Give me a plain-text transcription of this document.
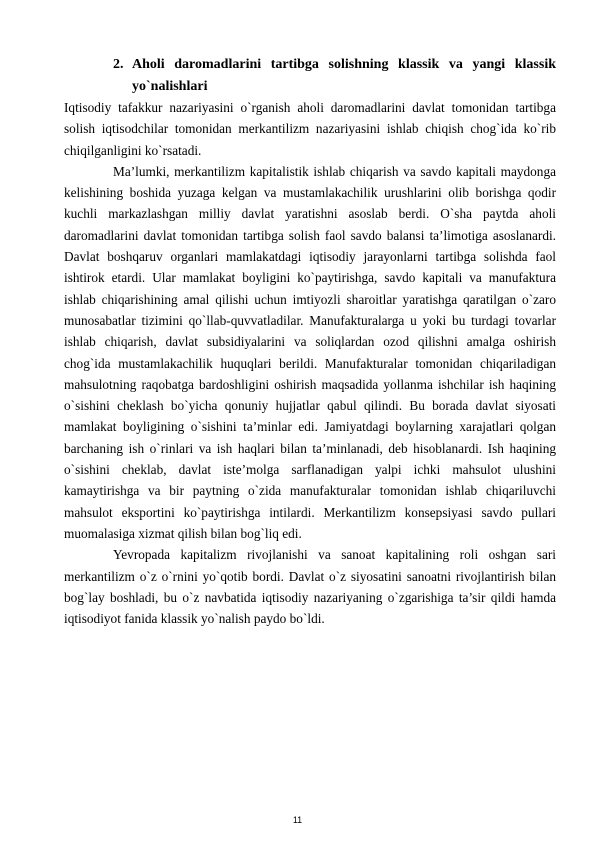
2. Aholi daromadlarini tartibga solishning klassik va yangi klassik yo`nalishlari

Iqtisodiy tafakkur nazariyasini o`rganish aholi daromadlarini davlat tomonidan tartibga solish iqtisodchilar tomonidan merkantilizm nazariyasini ishlab chiqish chog`ida ko`rib chiqilganligini ko`rsatadi.

Ma’lumki, merkantilizm kapitalistik ishlab chiqarish va savdo kapitali maydonga kelishining boshida yuzaga kelgan va mustamlakachilik urushlarini olib borishga qodir kuchli markazlashgan milliy davlat yaratishni asoslab berdi. O`sha paytda aholi daromadlarini davlat tomonidan tartibga solish faol savdo balansi ta’limotiga asoslanardi. Davlat boshqaruv organlari mamlakatdagi iqtisodiy jarayonlarni tartibga solishda faol ishtirok etardi. Ular mamlakat boyligini ko`paytirishga, savdo kapitali va manufaktura ishlab chiqarishining amal qilishi uchun imtiyozli sharoitlar yaratishga qaratilgan o`zaro munosabatlar tizimini qo`llab-quvvatladilar. Manufakturalarga u yoki bu turdagi tovarlar ishlab chiqarish, davlat subsidiyalarini va soliqlardan ozod qilishni amalga oshirish chog`ida mustamlakachilik huquqlari berildi. Manufakturalar tomonidan chiqariladigan mahsulotning raqobatga bardoshligini oshirish maqsadida yollanma ishchilar ish haqining o`sishini cheklash bo`yicha qonuniy hujjatlar qabul qilindi. Bu borada davlat siyosati mamlakat boyligining o`sishini ta’minlar edi. Jamiyatdagi boylarning xarajatlari qolgan barchaning ish o`rinlari va ish haqlari bilan ta’minlanadi, deb hisoblanardi. Ish haqining o`sishini cheklab, davlat iste’molga sarflanadigan yalpi ichki mahsulot ulushini kamaytirishga va bir paytning o`zida manufakturalar tomonidan ishlab chiqariluvchi mahsulot eksportini ko`paytirishga intilardi. Merkantilizm konsepsiyasi savdo pullari muomalasiga xizmat qilish bilan bog`liq edi.

Yevropada kapitalizm rivojlanishi va sanoat kapitalining roli oshgan sari merkantilizm o`z o`rnini yo`qotib bordi. Davlat o`z siyosatini sanoatni rivojlantirish bilan bog`lay boshladi, bu o`z navbatida iqtisodiy nazariyaning o`zgarishiga ta’sir qildi hamda iqtisodiyot fanida klassik yo`nalish paydo bo`ldi.

11
